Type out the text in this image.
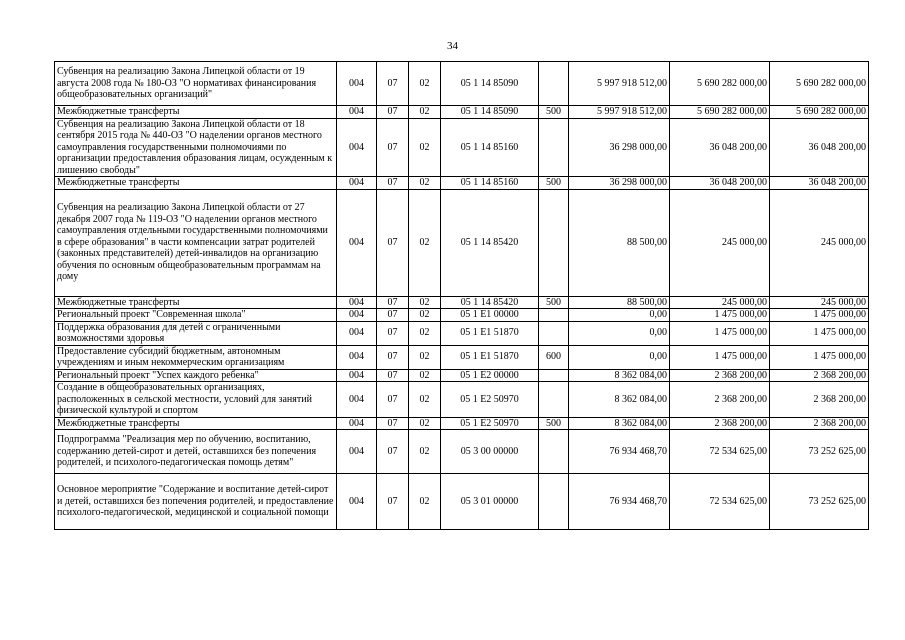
34
Субвенция на реализацию Закона Липецкой области от 19 августа 2008 года № 180-ОЗ "О нормативах финансирования общеобразовательных организаций"	004	07	02	05 1 14 85090		5 997 918 512,00	5 690 282 000,00	5 690 282 000,00
Межбюджетные трансферты	004	07	02	05 1 14 85090	500	5 997 918 512,00	5 690 282 000,00	5 690 282 000,00
Субвенция на реализацию Закона Липецкой области от 18 сентября 2015 года № 440-ОЗ "О наделении органов местного самоуправления государственными полномочиями по организации предоставления образования лицам, осужденным к лишению свободы"	004	07	02	05 1 14 85160		36 298 000,00	36 048 200,00	36 048 200,00
Межбюджетные трансферты	004	07	02	05 1 14 85160	500	36 298 000,00	36 048 200,00	36 048 200,00
Субвенция на реализацию Закона Липецкой области от 27 декабря 2007 года № 119-ОЗ "О наделении органов местного самоуправления отдельными государственными полномочиями в сфере образования" в части компенсации затрат родителей (законных представителей) детей-инвалидов на организацию обучения по основным общеобразовательным программам на дому	004	07	02	05 1 14 85420		88 500,00	245 000,00	245 000,00
Межбюджетные трансферты	004	07	02	05 1 14 85420	500	88 500,00	245 000,00	245 000,00
Региональный проект "Современная школа"	004	07	02	05 1 E1 00000		0,00	1 475 000,00	1 475 000,00
Поддержка образования для детей с ограниченными возможностями здоровья	004	07	02	05 1 E1 51870		0,00	1 475 000,00	1 475 000,00
Предоставление субсидий бюджетным, автономным учреждениям и иным некоммерческим организациям	004	07	02	05 1 E1 51870	600	0,00	1 475 000,00	1 475 000,00
Региональный проект "Успех каждого ребенка"	004	07	02	05 1 E2 00000		8 362 084,00	2 368 200,00	2 368 200,00
Создание в общеобразовательных организациях, расположенных в сельской местности, условий для занятий физической культурой и спортом	004	07	02	05 1 E2 50970		8 362 084,00	2 368 200,00	2 368 200,00
Межбюджетные трансферты	004	07	02	05 1 E2 50970	500	8 362 084,00	2 368 200,00	2 368 200,00
Подпрограмма "Реализация мер по обучению, воспитанию, содержанию детей-сирот и детей, оставшихся без попечения родителей, и психолого-педагогическая помощь детям"	004	07	02	05 3 00 00000		76 934 468,70	72 534 625,00	73 252 625,00
Основное мероприятие "Содержание и воспитание детей-сирот и детей, оставшихся без попечения родителей, и предоставление психолого-педагогической, медицинской и социальной помощи	004	07	02	05 3 01 00000		76 934 468,70	72 534 625,00	73 252 625,00
